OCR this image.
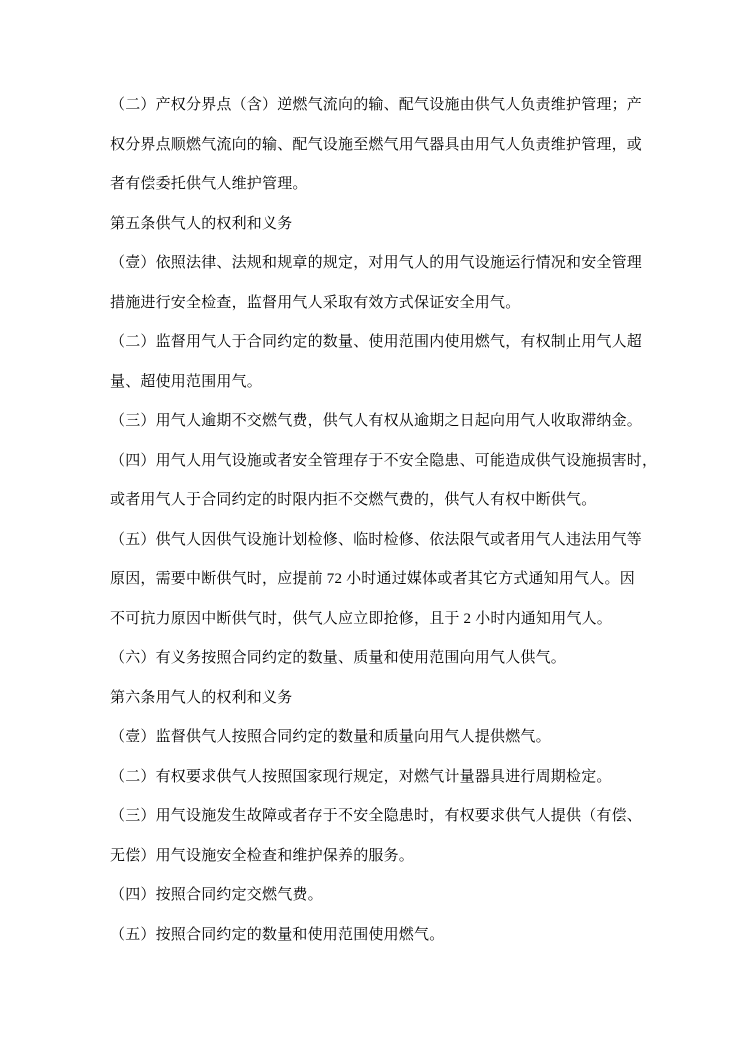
（二）产权分界点（含）逆燃气流向的输、配气设施由供气人负责维护管理；产
权分界点顺燃气流向的输、配气设施至燃气用气器具由用气人负责维护管理，或
者有偿委托供气人维护管理。
第五条供气人的权利和义务
（壹）依照法律、法规和规章的规定，对用气人的用气设施运行情况和安全管理
措施进行安全检查，监督用气人采取有效方式保证安全用气。
（二）监督用气人于合同约定的数量、使用范围内使用燃气，有权制止用气人超
量、超使用范围用气。
（三）用气人逾期不交燃气费，供气人有权从逾期之日起向用气人收取滞纳金。
（四）用气人用气设施或者安全管理存于不安全隐患、可能造成供气设施损害时，
或者用气人于合同约定的时限内拒不交燃气费的，供气人有权中断供气。
（五）供气人因供气设施计划检修、临时检修、依法限气或者用气人违法用气等
原因，需要中断供气时，应提前 72 小时通过媒体或者其它方式通知用气人。因
不可抗力原因中断供气时，供气人应立即抢修，且于 2 小时内通知用气人。
（六）有义务按照合同约定的数量、质量和使用范围向用气人供气。
第六条用气人的权利和义务
（壹）监督供气人按照合同约定的数量和质量向用气人提供燃气。
（二）有权要求供气人按照国家现行规定，对燃气计量器具进行周期检定。
（三）用气设施发生故障或者存于不安全隐患时，有权要求供气人提供（有偿、
无偿）用气设施安全检查和维护保养的服务。
（四）按照合同约定交燃气费。
（五）按照合同约定的数量和使用范围使用燃气。
